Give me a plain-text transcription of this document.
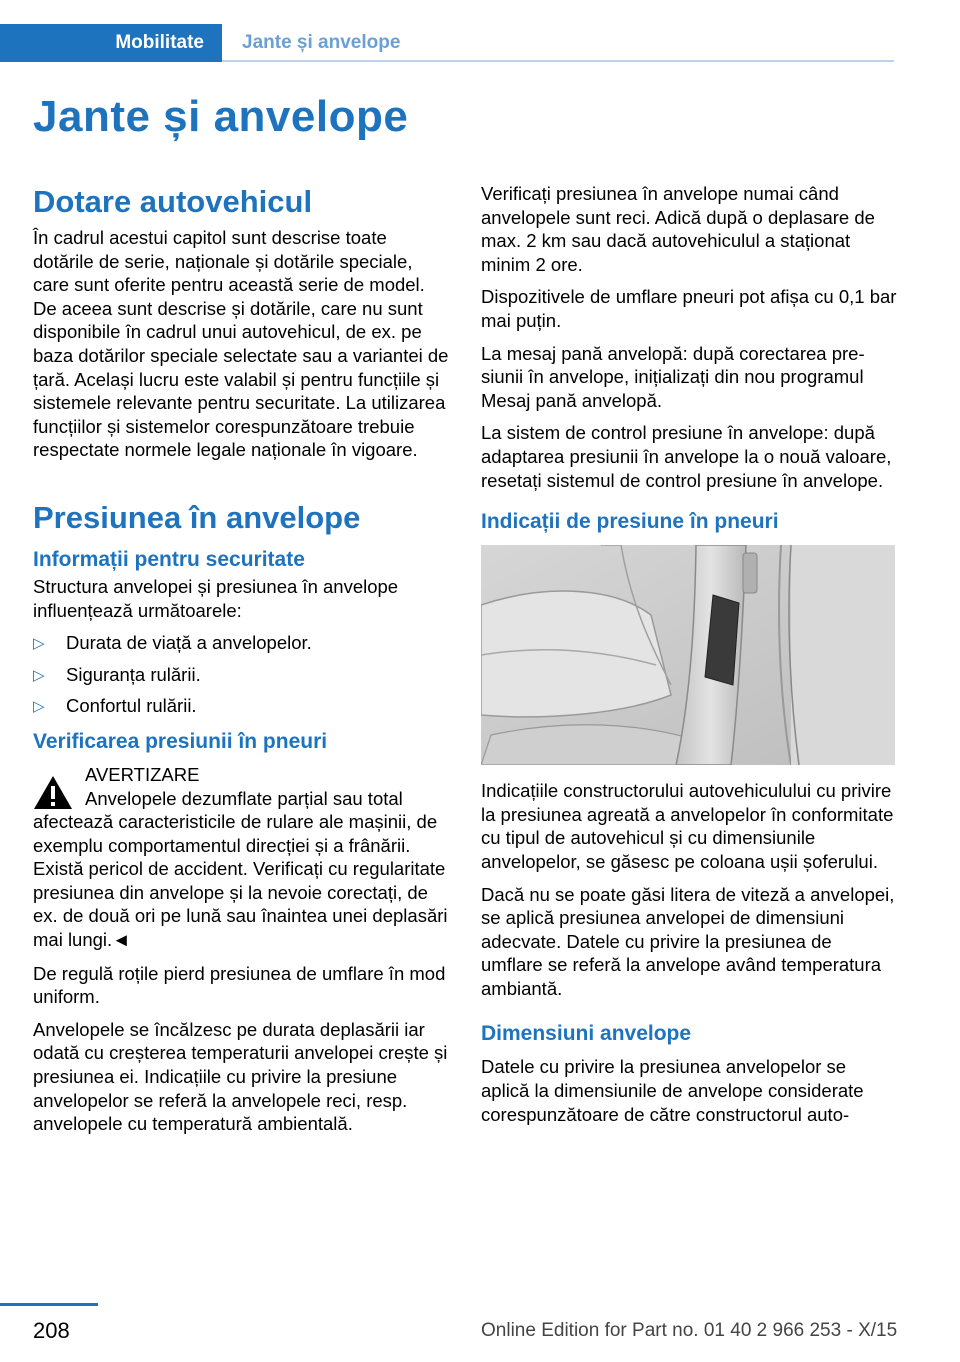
Mobilitate Jante și anvelope
Jante și anvelope
Dotare autovehicul

În cadrul acestui capitol sunt descrise toate dotările de serie, naționale și dotările speciale, care sunt oferite pentru această serie de model. De aceea sunt descrise și dotările, care nu sunt disponibile în cadrul unui autovehicul, de ex. pe baza dotărilor speciale selectate sau a variantei de țară. Același lucru este valabil și pentru funcțiile și sistemele relevante pentru securitate. La utilizarea funcțiilor și sistemelor corespunzătoare trebuie respectate normele legale naționale în vigoare.

Presiunea în anvelope
Informații pentru securitate

Structura anvelopei și presiunea în anvelope influențează următoarele:

▷ Durata de viață a anvelopelor.
▷ Siguranța rulării.
▷ Confortul rulării.
Verificarea presiunii în pneuri
AVERTIZARE

Anvelopele dezumflate parțial sau total afectează caracteristicile de rulare ale mașinii, de exemplu comportamentul direcției și a frânării. Există pericol de accident. Verificați cu regularitate presiunea din anvelope și la nevoie corectați, de ex. de două ori pe lună sau înaintea unei deplasări mai lungi.◄

De regulă roțile pierd presiunea de umflare în mod uniform.

Anvelopele se încălzesc pe durata deplasării iar odată cu creșterea temperaturii anvelopei crește și presiunea ei. Indicațiile cu privire la presiune anvelopelor se referă la anvelopele reci, resp. anvelopele cu temperatură ambientală.

Verificați presiunea în anvelope numai când anvelopele sunt reci. Adică după o deplasare de max. 2 km sau dacă autovehiculul a staționat minim 2 ore.

Dispozitivele de umflare pneuri pot afișa cu 0,1 bar mai puțin.

La mesaj pană anvelopă: după corectarea presiunii în anvelope, inițializați din nou programul Mesaj pană anvelopă.

La sistem de control presiune în anvelope: după adaptarea presiunii în anvelope la o nouă valoare, resetați sistemul de control presiune în anvelope.

Indicații de presiune în pneuri

Indicațiile constructorului autovehiculului cu privire la presiunea agreată a anvelopelor în conformitate cu tipul de autovehicul și cu dimensiunile anvelopelor, se găsesc pe coloana ușii șoferului.

Dacă nu se poate găsi litera de viteză a anvelopei, se aplică presiunea anvelopei de dimensiuni adecvate. Datele cu privire la presiunea de umflare se referă la anvelope având temperatura ambiantă.

Dimensiuni anvelope

Datele cu privire la presiunea anvelopelor se aplică la dimensiunile de anvelope considerate corespunzătoare de către constructorul auto-

208	Online Edition for Part no. 01 40 2 966 253 - X/15
